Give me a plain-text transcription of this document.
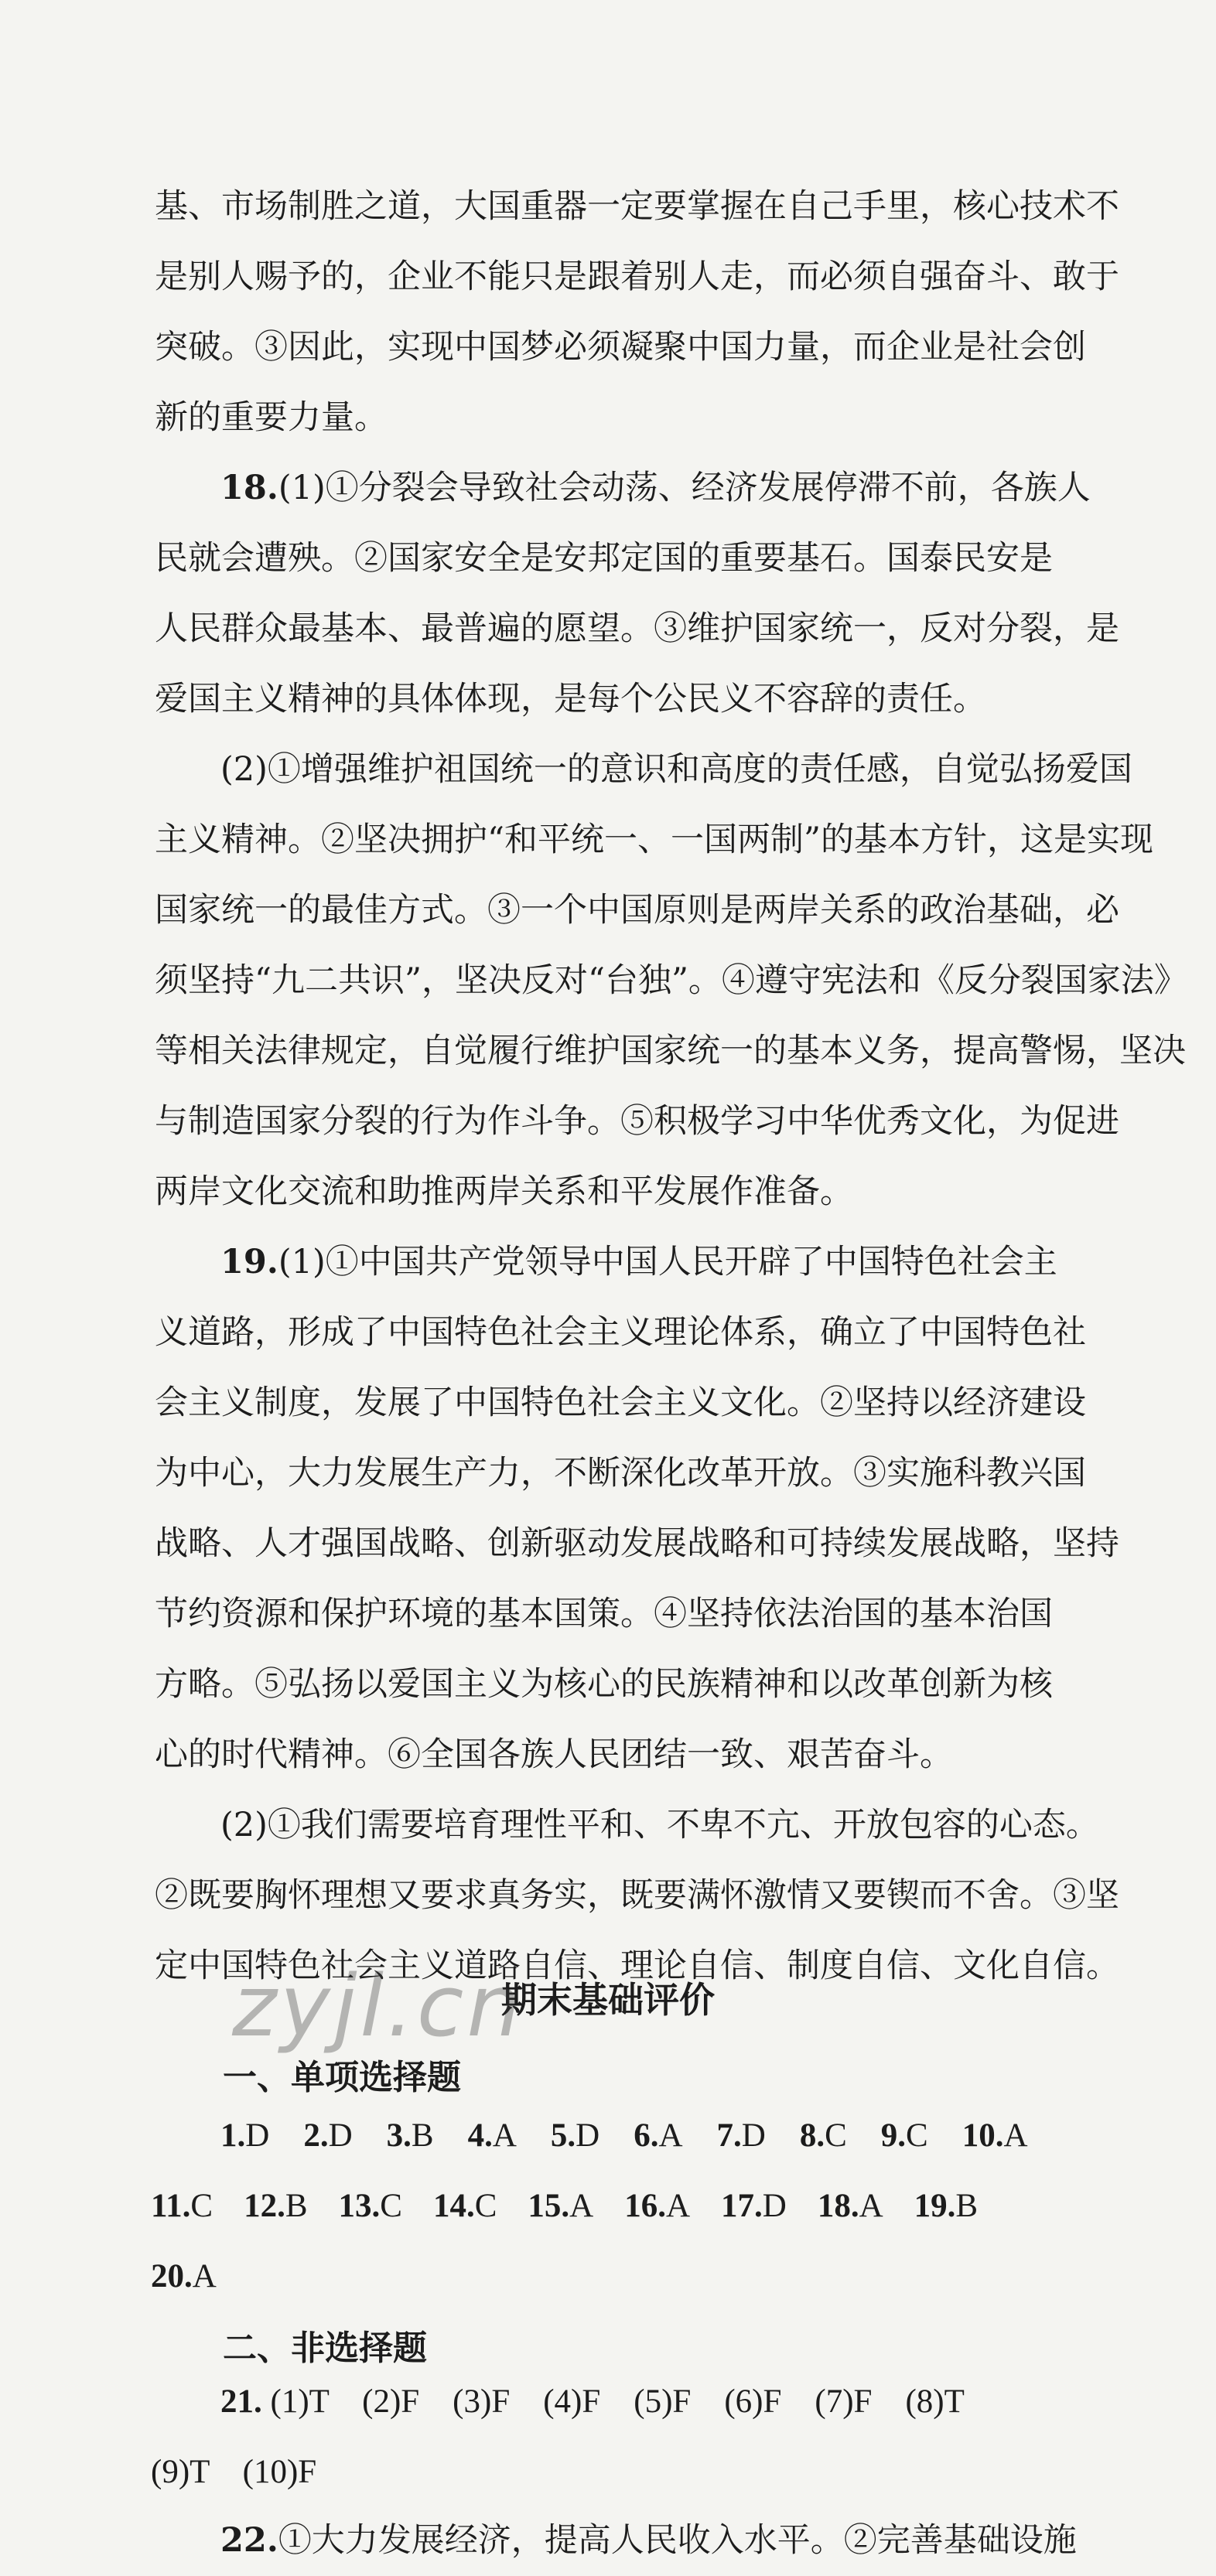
基、市场制胜之道，大国重器一定要掌握在自己手里，核心技术不
是别人赐予的，企业不能只是跟着别人走，而必须自强奋斗、敢于
突破。③因此，实现中国梦必须凝聚中国力量，而企业是社会创
新的重要力量。
18.(1)①分裂会导致社会动荡、经济发展停滞不前，各族人
民就会遭殃。②国家安全是安邦定国的重要基石。国泰民安是
人民群众最基本、最普遍的愿望。③维护国家统一，反对分裂，是
爱国主义精神的具体体现，是每个公民义不容辞的责任。
(2)①增强维护祖国统一的意识和高度的责任感，自觉弘扬爱国
主义精神。②坚决拥护“和平统一、一国两制”的基本方针，这是实现
国家统一的最佳方式。③一个中国原则是两岸关系的政治基础，必
须坚持“九二共识”，坚决反对“台独”。④遵守宪法和《反分裂国家法》
等相关法律规定，自觉履行维护国家统一的基本义务，提高警惕，坚决
与制造国家分裂的行为作斗争。⑤积极学习中华优秀文化，为促进
两岸文化交流和助推两岸关系和平发展作准备。
19.(1)①中国共产党领导中国人民开辟了中国特色社会主
义道路，形成了中国特色社会主义理论体系，确立了中国特色社
会主义制度，发展了中国特色社会主义文化。②坚持以经济建设
为中心，大力发展生产力，不断深化改革开放。③实施科教兴国
战略、人才强国战略、创新驱动发展战略和可持续发展战略，坚持
节约资源和保护环境的基本国策。④坚持依法治国的基本治国
方略。⑤弘扬以爱国主义为核心的民族精神和以改革创新为核
心的时代精神。⑥全国各族人民团结一致、艰苦奋斗。
(2)①我们需要培育理性平和、不卑不亢、开放包容的心态。
②既要胸怀理想又要求真务实，既要满怀激情又要锲而不舍。③坚
定中国特色社会主义道路自信、理论自信、制度自信、文化自信。
期末基础评价
一、单项选择题
1.D 2.D 3.B 4.A 5.D 6.A 7.D 8.C 9.C 10.A
11.C 12.B 13.C 14.C 15.A 16.A 17.D 18.A 19.B
20.A
二、非选择题
21. (1)T　(2)F　(3)F　(4)F　(5)F　(6)F　(7)F　(8)T
(9)T　(10)F
22.①大力发展经济，提高人民收入水平。②完善基础设施
zyjl.cn
